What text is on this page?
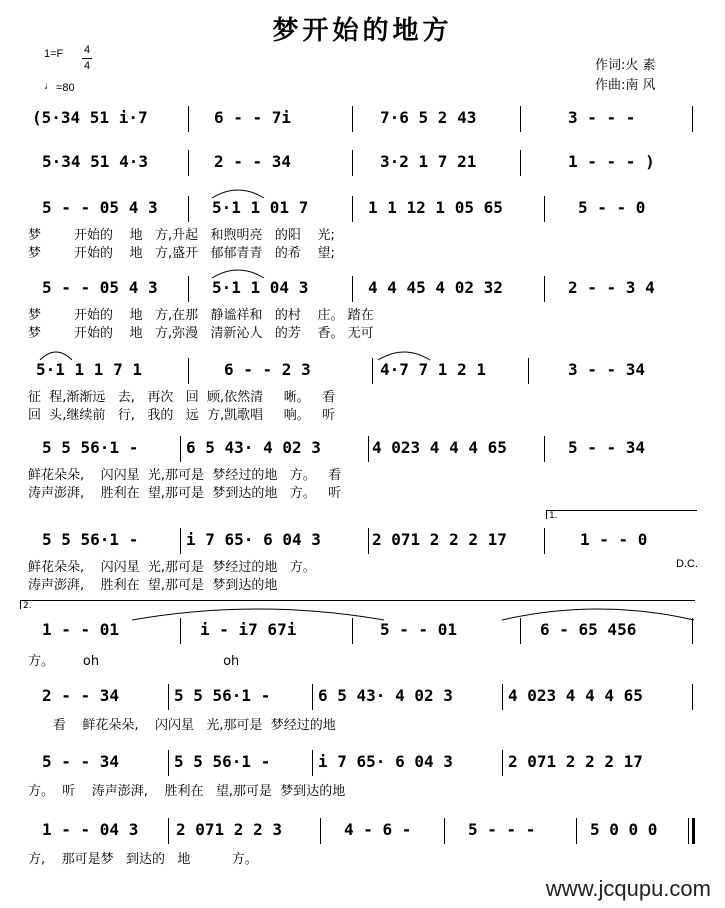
梦开始的地方
1=F 4
4
♩ =80
作词:火 素
作曲:南 风

(5·34 51 i·7

	6 - - 7i

	7·6 5 2 43

	3 - - -

5·34 51 4·3

	2 - - 34

	3·2 1 7 21

	1 - - - )

5 - - 05 4 3

	5·1 1 01 7

	1 1 12 1 05 65

	5 - - 0

梦        开始的    地   方,升起   和煦明亮   的阳    光;
梦        开始的    地   方,盛开   郁郁青青   的希    望;

5 - - 05 4 3

	5·1 1 04 3

	4 4 45 4 02 32

	2 - - 3 4

梦        开始的    地   方,在那   静谧祥和   的村    庄。 踏在
梦        开始的    地   方,弥漫   清新沁人   的芳    香。 无可

5·1 1 1 7 1

	6 - - 2 3

	4·7 7 1 2 1

	3 - - 34

征  程,渐渐远   去,   再次   回  顾,依然清     晰。   看
回  头,继续前   行,   我的   远  方,凯歌唱     响。   听

5 5 56·1 -

	6 5 43· 4 02 3

	4 023 4 4 4 65

	5 - - 34

鲜花朵朵,    闪闪星  光,那可是  梦经过的地   方。   看
涛声澎湃,    胜利在  望,那可是  梦到达的地   方。   听
1.

5 5 56·1 -

	i 7 65· 6 04 3

	2 071 2 2 2 17

	1 - - 0

鲜花朵朵,    闪闪星  光,那可是  梦经过的地   方。
涛声澎湃,    胜利在  望,那可是  梦到达的地
D.C.
2.

1 - - 01

	i - i7 67i

	5 - - 01

	6 - 65 456

方。       oh                              oh

2 - - 34

	5 5 56·1 -

	6 5 43· 4 02 3

	4 023 4 4 4 65

看    鲜花朵朵,    闪闪星   光,那可是  梦经过的地

5 - - 34

	5 5 56·1 -

	i 7 65· 6 04 3

	2 071 2 2 2 17

方。  听    涛声澎湃,    胜利在   望,那可是  梦到达的地

1 - - 04 3

2 071 2 2 3

	4 - 6 -

	5 - - -

	5 0 0 0

方,    那可是梦   到达的   地          方。
www.jcqupu.com
